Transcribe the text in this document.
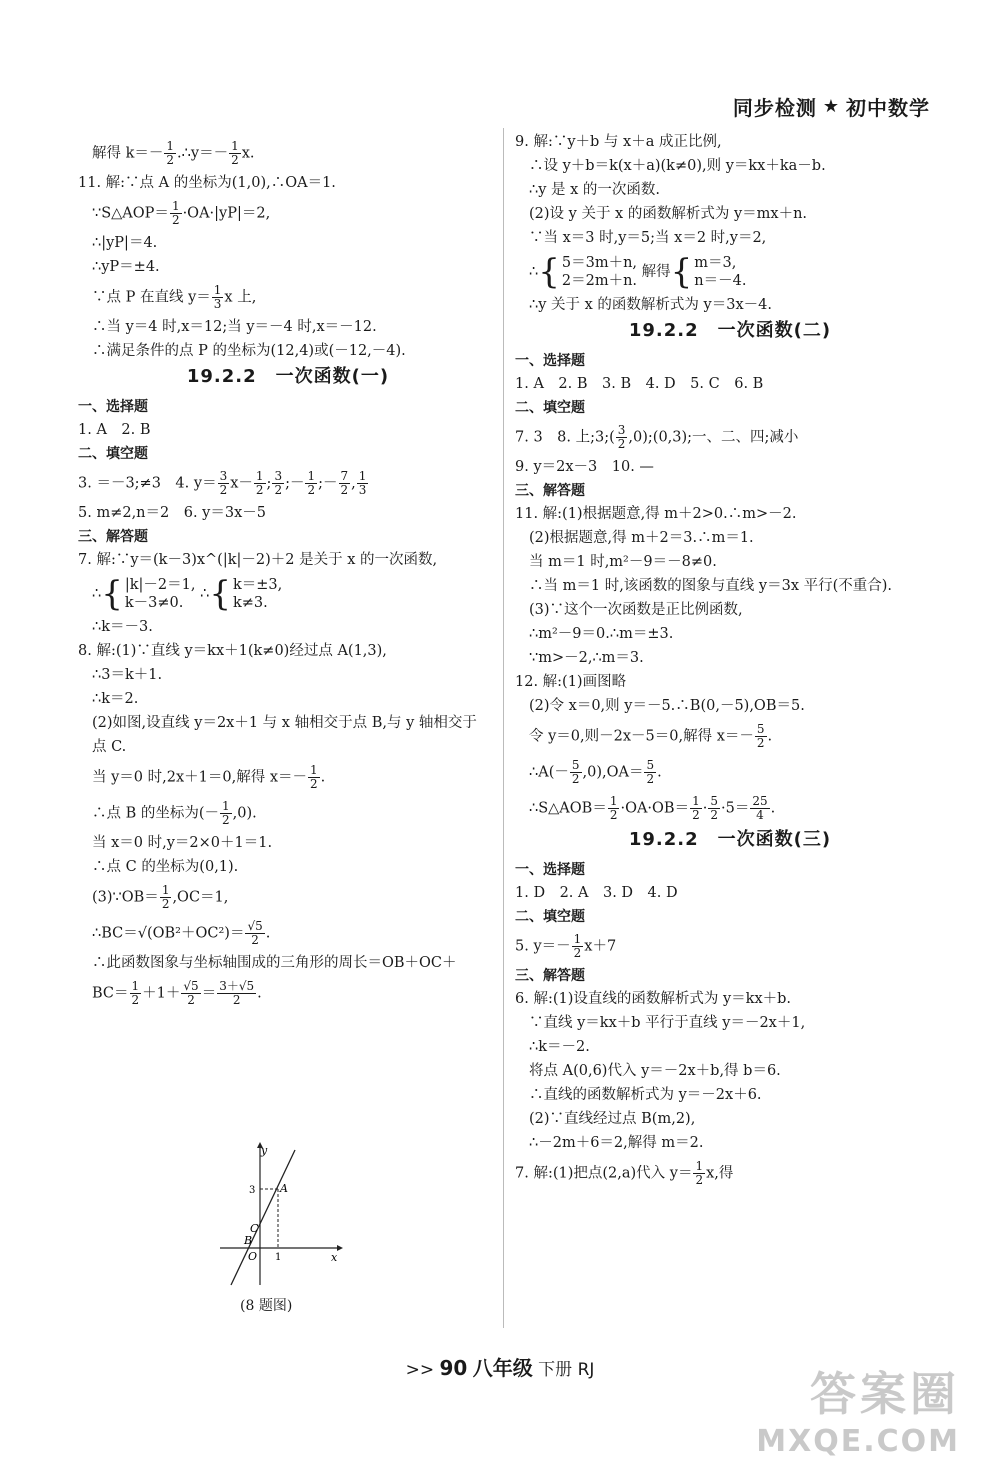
同步检测 ★ 初中数学
解得 $k=- \frac{1}{2}$ .∴y＝－ $\frac{1}{2} x$.
11. 解:∵点 A 的坐标为(1,0),∴OA＝1.
∵S△AOP＝ $\frac{1}{2} \cdot OA\cdot|yP|=2$,
∴|yP|＝4.
∴yP＝±4.
∵点 P 在直线 $y= \frac{1}{3}$ x 上,
∴当 y＝4 时,x＝12;当 y＝－4 时,x＝－12.
∴满足条件的点 P 的坐标为(12,4)或(－12,－4).
19.2.2　一次函数(一)
一、选择题
1. A　2. B
二、填空题
3. ＝－3;≠3　4. $y= \frac{3}{2} x- \frac{1}{2}$ ; $\frac{3}{2}$ ;－ $\frac{1}{2}$ ;－ $\frac{7}{2}$ , $\frac{1}{3}$
5. m≠2,n＝2　6. y＝3x－5
三、解答题
7. 解:∵y＝(k－3)x^(|k|－2)＋2 是关于 x 的一次函数,
∴ { |k|－2＝1,
k－3≠0.
∴ { k＝±3,
k≠3.
∴k＝－3.
8. 解:(1)∵直线 y＝kx＋1(k≠0)经过点 A(1,3),
∴3＝k＋1.
∴k＝2.
(2)如图,设直线 y＝2x＋1 与 x 轴相交于点 B,与 y 轴相交于
点 C.
当 y＝0 时,2x＋1＝0,解得 $x=- \frac{1}{2}$ .
∴点 B 的坐标为(－ $\frac{1}{2} ,0$).
当 x＝0 时,y＝2×0＋1＝1.
∴点 C 的坐标为(0,1).
(3)∵OB＝ $\frac{1}{2} ,OC=1$,
∴BC＝√(OB²＋OC²)＝ $\frac{√5}{2}$ .
∴此函数图象与坐标轴围成的三角形的周长＝OB＋OC＋
$BC= \frac{1}{2} +1+ \frac{√5}{2} = \frac{3+√5}{2}$ .
y
x
A
B
C
O
3
1
(8 题图)
9. 解:∵y＋b 与 x＋a 成正比例,
∴设 y＋b＝k(x＋a)(k≠0),则 y＝kx＋ka－b.
∴y 是 x 的一次函数.
(2)设 y 关于 x 的函数解析式为 y＝mx＋n.
∵当 x＝3 时,y＝5;当 x＝2 时,y＝2,
∴ { 5＝3m＋n,
2＝2m＋n.
解得 { m＝3,
n＝－4.
∴y 关于 x 的函数解析式为 y＝3x－4.
19.2.2　一次函数(二)
一、选择题
1. A　2. B　3. B　4. D　5. C　6. B
二、填空题
7. 3　8. 上;3;( $\frac{3}{2}$ ,0);(0,3);一、二、四;减小
9. y＝2x－3　10. —
三、解答题
11. 解:(1)根据题意,得 m＋2>0.∴m>－2.
(2)根据题意,得 m＋2＝3.∴m＝1.
当 m＝1 时,m²－9＝－8≠0.
∴当 m＝1 时,该函数的图象与直线 y＝3x 平行(不重合).
(3)∵这个一次函数是正比例函数,
∴m²－9＝0.∴m＝±3.
∵m>－2,∴m＝3.
12. 解:(1)画图略
(2)令 x＝0,则 y＝－5.∴B(0,－5),OB＝5.
令 y＝0,则－2x－5＝0,解得 $x=- \frac{5}{2}$ .
∴A(－ $\frac{5}{2} ,0),OA= \frac{5}{2}$ .
∴S△AOB＝ $\frac{1}{2} \cdot OA\cdot OB= \frac{1}{2} \cdot \frac{5}{2} \cdot 5= \frac{25}{4}$ .
19.2.2　一次函数(三)
一、选择题
1. D　2. A　3. D　4. D
二、填空题
5. $y=- \frac{1}{2} x+7$
三、解答题
6. 解:(1)设直线的函数解析式为 y＝kx＋b.
∵直线 y＝kx＋b 平行于直线 y＝－2x＋1,
∴k＝－2.
将点 A(0,6)代入 y＝－2x＋b,得 b＝6.
∴直线的函数解析式为 y＝－2x＋6.
(2)∵直线经过点 B(m,2),
∴－2m＋6＝2,解得 m＝2.
7. 解:(1)把点(2,a)代入 $y= \frac{1}{2} x$,得
>> 90 八年级 下册 RJ	答案圈
MXQE.COM
